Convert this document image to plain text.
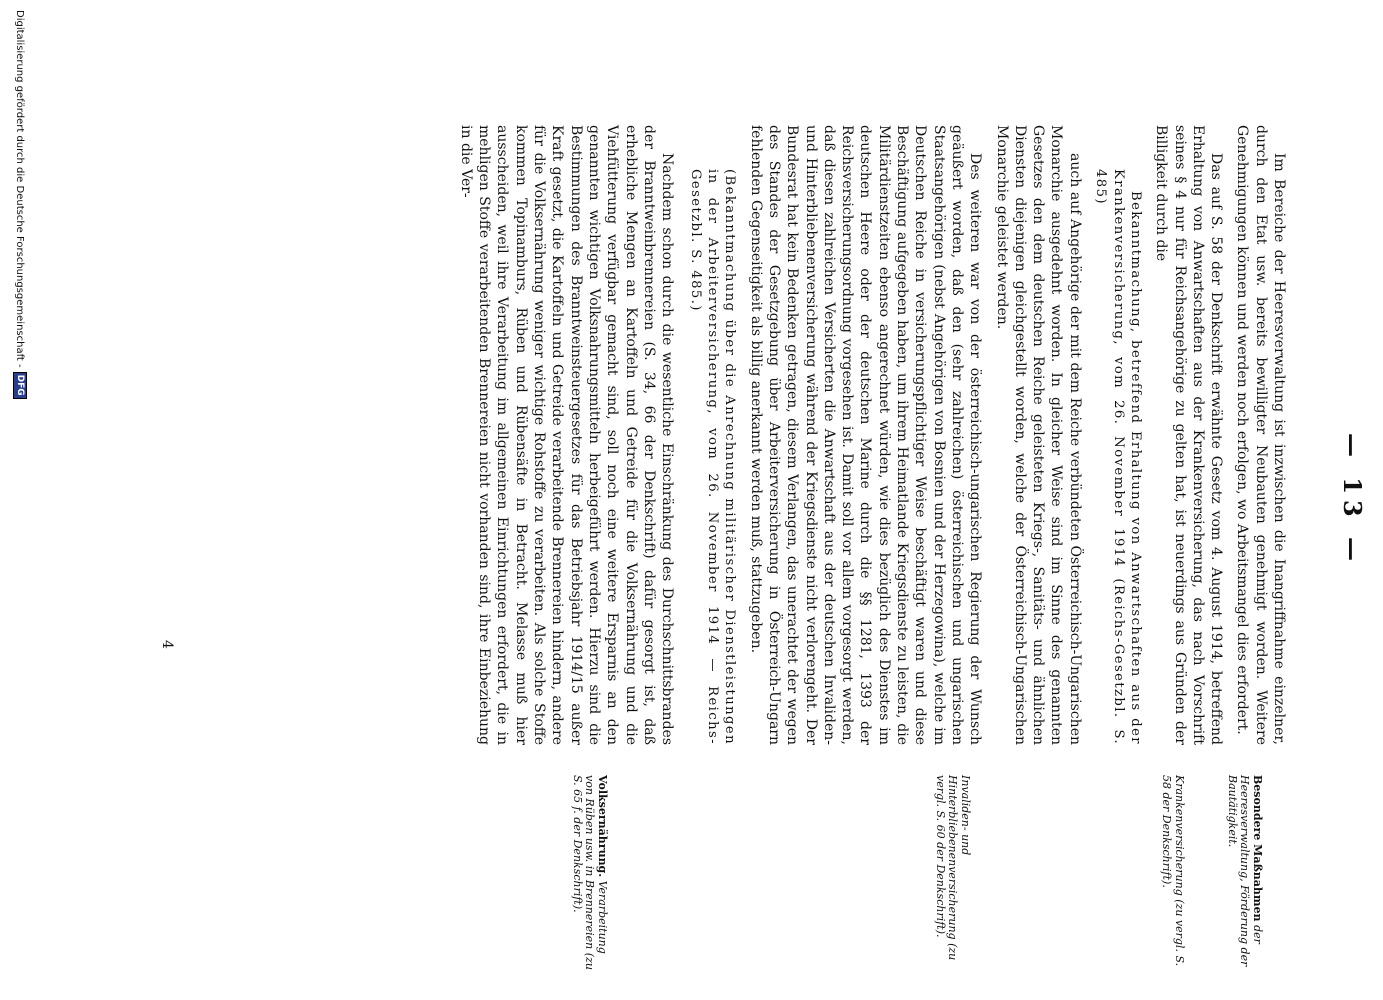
— 13 —
Besondere Maßnahmen der Heeresverwaltung, Förderung der Bautätigkeit.
Krankenversicherung (zu vergl. S. 58 der Denkschrift).
Invaliden- und Hinterbliebenenversicherung (zu vergl. S. 60 der Denkschrift).
Volksernährung. Verarbeitung von Rüben usw. in Brennereien (zu S. 65 f. der Denkschrift).

Im Bereiche der Heeresverwaltung ist inzwischen die Inangriffnahme einzelner, durch den Etat usw. bereits bewilligter Neubauten genehmigt worden. Weitere Genehmigungen können und werden noch erfolgen, wo Arbeitsmangel dies erfordert.

Das auf S. 58 der Denkschrift erwähnte Gesetz vom 4. August 1914, betreffend Erhaltung von Anwartschaften aus der Krankenversicherung, das nach Vorschrift seines § 4 nur für Reichsangehörige zu gelten hat, ist neuerdings aus Gründen der Billigkeit durch die

Bekanntmachung, betreffend Erhaltung von Anwartschaften aus der Krankenversicherung, vom 26. November 1914 (Reichs-Gesetzbl. S. 485)

auch auf Angehörige der mit dem Reiche verbündeten Österreichisch-Ungarischen Monarchie ausgedehnt worden. In gleicher Weise sind im Sinne des genannten Gesetzes den dem deutschen Reiche geleisteten Kriegs-, Sanitäts- und ähnlichen Diensten diejenigen gleichgestellt worden, welche der Österreichisch-Ungarischen Monarchie geleistet werden.

Des weiteren war von der österreichisch-ungarischen Regierung der Wunsch geäußert worden, daß den (sehr zahlreichen) österreichischen und ungarischen Staatsangehörigen (nebst Angehörigen von Bosnien und der Herzegowina), welche im Deutschen Reiche in versicherungspflichtiger Weise beschäftigt waren und diese Beschäftigung aufgegeben haben, um ihrem Heimatlande Kriegsdienste zu leisten, die Militärdienstzeiten ebenso angerechnet würden, wie dies bezüglich des Dienstes im deutschen Heere oder der deutschen Marine durch die §§ 1281, 1393 der Reichsversicherungsordnung vorgesehen ist. Damit soll vor allem vorgesorgt werden, daß diesen zahlreichen Versicherten die Anwartschaft aus der deutschen Invaliden- und Hinterbliebenenversicherung während der Kriegsdienste nicht verlorengeht. Der Bundesrat hat kein Bedenken getragen, diesem Verlangen, das unerachtet der wegen des Standes der Gesetzgebung über Arbeiterversicherung in Österreich-Ungarn fehlenden Gegenseitigkeit als billig anerkannt werden muß, stattzugeben.

(Bekanntmachung über die Anrechnung militärischer Dienstleistungen in der Arbeiterversicherung, vom 26. November 1914 — Reichs-Gesetzbl. S. 485.)

Nachdem schon durch die wesentliche Einschränkung des Durchschnittsbrandes der Branntweinbrennereien (S. 34, 66 der Denkschrift) dafür gesorgt ist, daß erhebliche Mengen an Kartoffeln und Getreide für die Volksernährung und die Viehfütterung verfügbar gemacht sind, soll noch eine weitere Ersparnis an den genannten wichtigen Volksnahrungsmitteln herbeigeführt werden. Hierzu sind die Bestimmungen des Branntweinsteuergesetzes für das Betriebsjahr 1914/15 außer Kraft gesetzt, die Kartoffeln und Getreide verarbeitende Brennereien hindern, andere für die Volksernährung weniger wichtige Rohstoffe zu verarbeiten. Als solche Stoffe kommen Topinamburs, Rüben und Rübensäfte in Betracht. Melasse muß hier ausscheiden, weil ihre Verarbeitung im allgemeinen Einrichtungen erfordert, die in mehligen Stoffe verarbeitenden Brennereien nicht vorhanden sind, ihre Einbeziehung in die Ver-

4
Digitalisierung gefördert durch die Deutsche Forschungsgemeinschaft -
DFG
